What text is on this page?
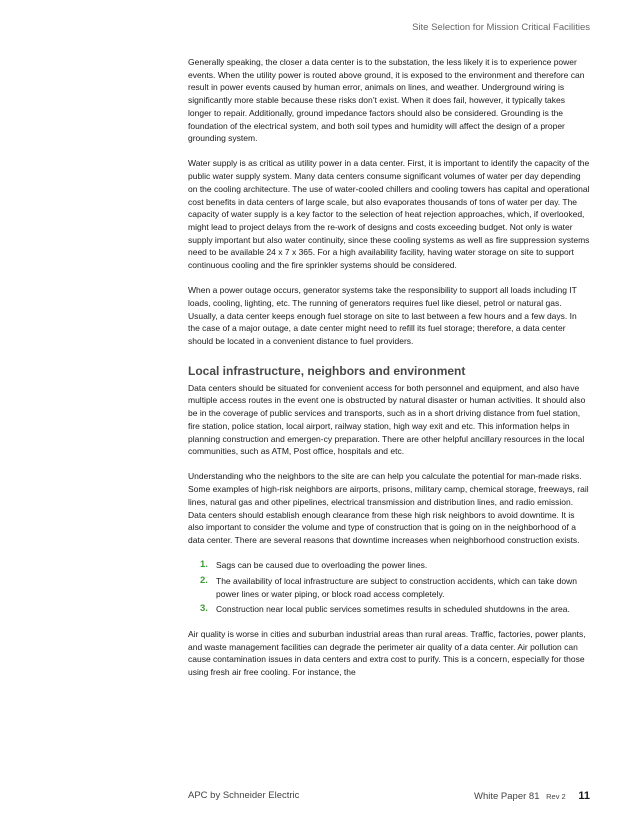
Site Selection for Mission Critical Facilities

Generally speaking, the closer a data center is to the substation, the less likely it is to experience power events. When the utility power is routed above ground, it is exposed to the environment and therefore can result in power events caused by human error, animals on lines, and weather. Underground wiring is significantly more stable because these risks don’t exist. When it does fail, however, it typically takes longer to repair. Additionally, ground impedance factors should also be considered. Grounding is the foundation of the electrical system, and both soil types and humidity will affect the design of a proper grounding system.

Water supply is as critical as utility power in a data center. First, it is important to identify the capacity of the public water supply system. Many data centers consume significant volumes of water per day depending on the cooling architecture. The use of water-cooled chillers and cooling towers has capital and operational cost benefits in data centers of large scale, but also evaporates thousands of tons of water per day. The capacity of water supply is a key factor to the selection of heat rejection approaches, which, if overlooked, might lead to project delays from the re-work of designs and costs exceeding budget. Not only is water supply important but also water continuity, since these cooling systems as well as fire suppression systems need to be available 24 x 7 x 365. For a high availability facility, having water storage on site to support continuous cooling and the fire sprinkler systems should be considered.

When a power outage occurs, generator systems take the responsibility to support all loads including IT loads, cooling, lighting, etc. The running of generators requires fuel like diesel, petrol or natural gas. Usually, a data center keeps enough fuel storage on site to last between a few hours and a few days. In the case of a major outage, a date center might need to refill its fuel storage; therefore, a data center should be located in a convenient distance to fuel providers.

Local infrastructure, neighbors and environment

Data centers should be situated for convenient access for both personnel and equipment, and also have multiple access routes in the event one is obstructed by natural disaster or human activities. It should also be in the coverage of public services and transports, such as in a short driving distance from fuel station, fire station, police station, local airport, railway station, high way exit and etc. This information helps in planning construction and emergen-cy preparation. There are other helpful ancillary resources in the local communities, such as ATM, Post office, hospitals and etc.

Understanding who the neighbors to the site are can help you calculate the potential for man-made risks. Some examples of high-risk neighbors are airports, prisons, military camp, chemical storage, freeways, rail lines, natural gas and other pipelines, electrical transmission and distribution lines, and radio emission. Data centers should establish enough clearance from these high risk neighbors to avoid downtime. It is also important to consider the volume and type of construction that is going on in the neighborhood of a data center. There are several reasons that downtime increases when neighborhood construction exists.

1. Sags can be caused due to overloading the power lines.
2. The availability of local infrastructure are subject to construction accidents, which can take down power lines or water piping, or block road access completely.
3. Construction near local public services sometimes results in scheduled shutdowns in the area.

Air quality is worse in cities and suburban industrial areas than rural areas. Traffic, factories, power plants, and waste management facilities can degrade the perimeter air quality of a data center. Air pollution can cause contamination issues in data centers and extra cost to purify. This is a concern, especially for those using fresh air free cooling. For instance, the

APC by Schneider Electric	White Paper 81 Rev 2 11
